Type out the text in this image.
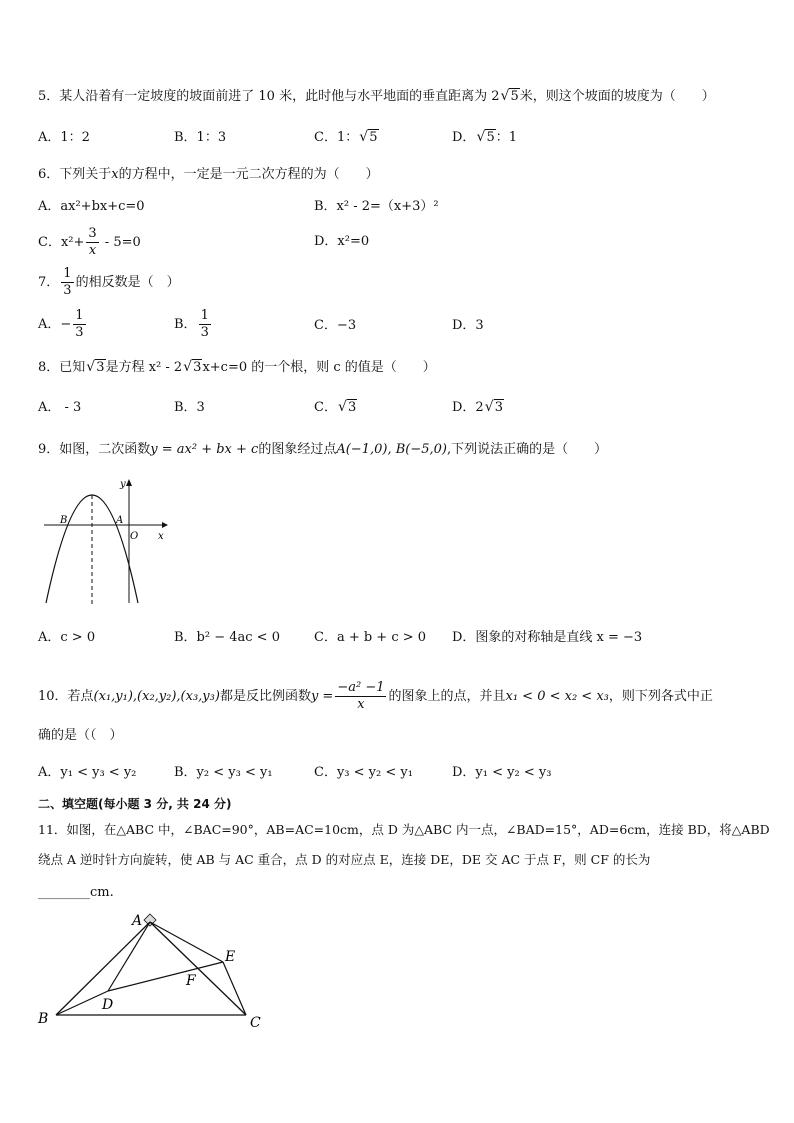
5．某人沿着有一定坡度的坡面前进了 10 米，此时他与水平地面的垂直距离为 2 √ 5米，则这个坡面的坡度为（　　）
A．1：2	B．1：3	C．1： √ 5	D． √ 5：1
6．下列关于x的方程中，一定是一元二次方程的为（　　）
A．ax²+bx+c=0	B．x² - 2=（x+3）²
C．$x^2+ \frac{3}{x} - 5=0$	D．x²=0
7． $\frac{1}{3}$ 的相反数是（　）
A．− $\frac{1}{3}$	B． $\frac{1}{3}$	C．−3	D．3
8．已知 √ 3是方程 x² - 2 √ 3x+c=0 的一个根，则 c 的值是（　　）
A． - 3	B．3	C． √ 3	D．2 √ 3
9．如图，二次函数y = ax² + bx + c的图象经过点A(−1,0), B(−5,0),下列说法正确的是（　　）
y
x
O
A
B
A．c > 0	B．b² − 4ac < 0	C．a + b + c > 0 D．图象的对称轴是直线 x = −3
10．若点(x₁,y₁),(x₂,y₂),(x₃,y₃)都是反比例函数$y = \frac{\text{−a² −1}}{x}$ 的图象上的点，并且x₁ < 0 < x₂ < x₃，则下列各式中正
确的是（（　）
A．y₁ < y₃ < y₂	B．y₂ < y₃ < y₁	C．y₃ < y₂ < y₁	D．y₁ < y₂ < y₃
二、填空题(每小题 3 分, 共 24 分)
11．如图，在△ABC 中，∠BAC=90°，AB=AC=10cm，点 D 为△ABC 内一点，∠BAD=15°，AD=6cm，连接 BD，将△ABD
绕点 A 逆时针方向旋转，使 AB 与 AC 重合，点 D 的对应点 E，连接 DE，DE 交 AC 于点 F，则 CF 的长为
________cm.
A
B	C
D
E
F
